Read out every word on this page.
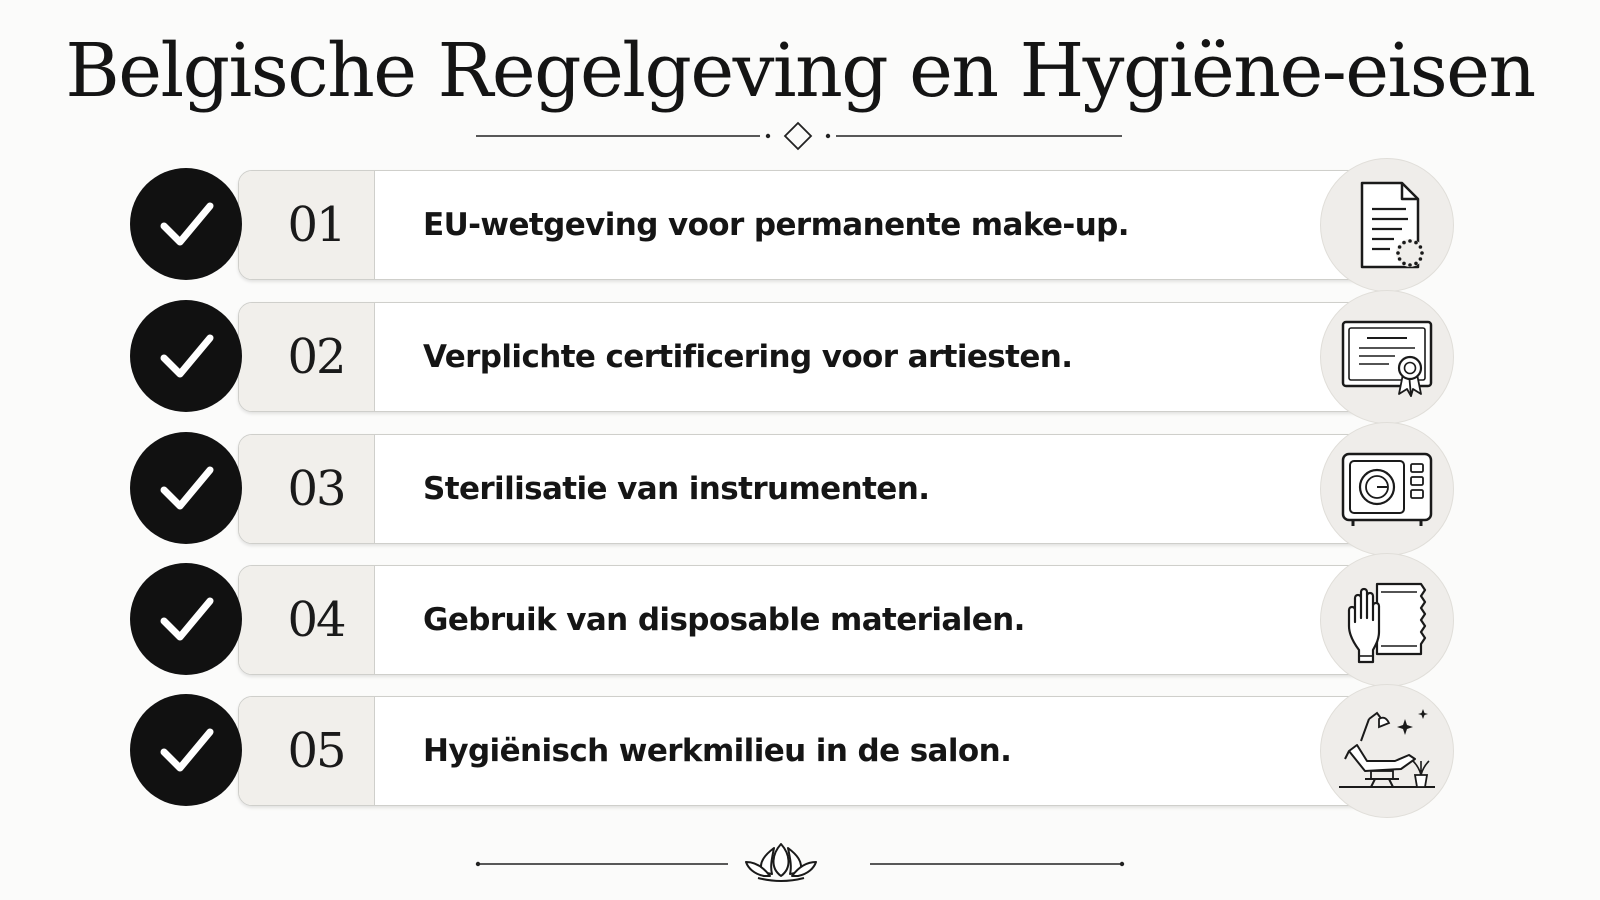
Belgische Regelgeving en Hygiëne-eisen
01	EU-wetgeving voor permanente make-up.
02	Verplichte certificering voor artiesten.
03	Sterilisatie van instrumenten.
04	Gebruik van disposable materialen.
05	Hygiënisch werkmilieu in de salon.
